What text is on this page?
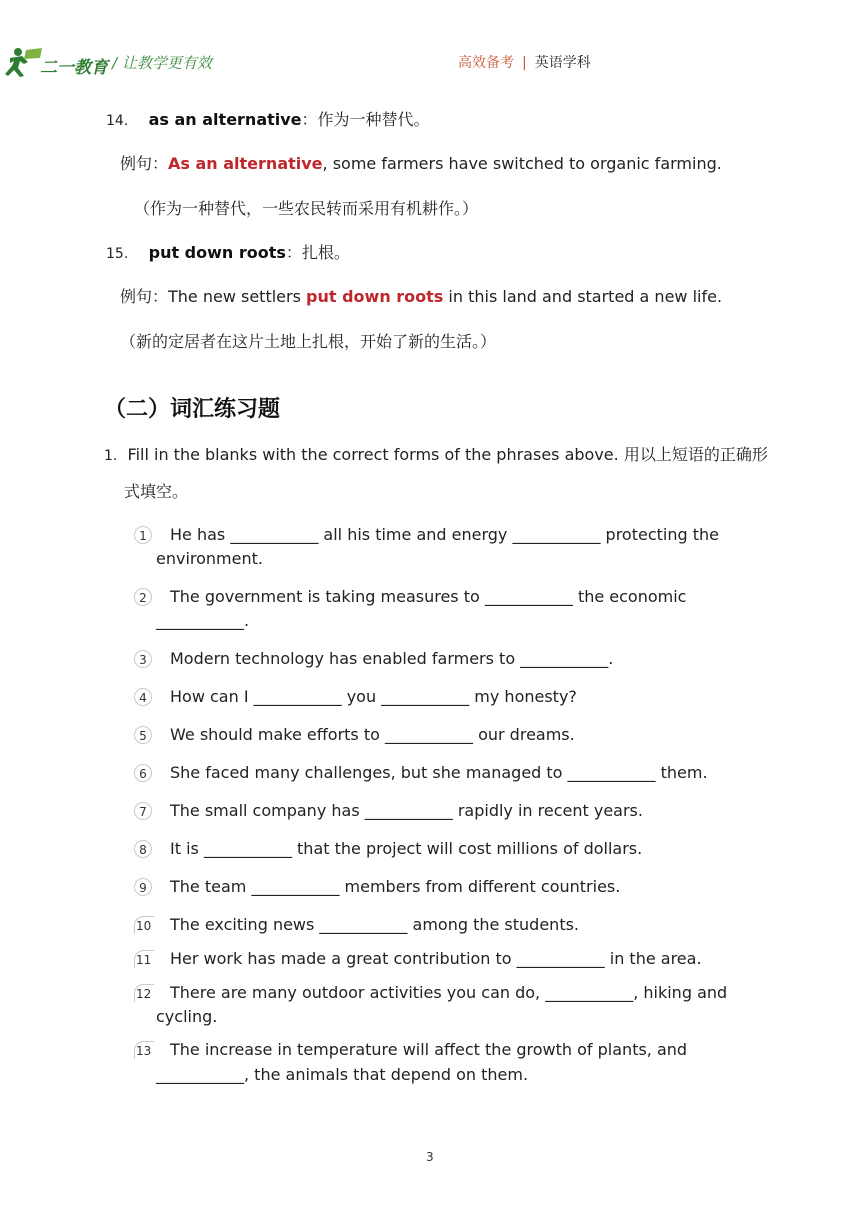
二一教育 / 让教学更有效	高效备考 | 英语学科
14. as an alternative：作为一种替代。
例句：As an alternative, some farmers have switched to organic farming.
（作为一种替代，一些农民转而采用有机耕作。）
15. put down roots：扎根。
例句：The new settlers put down roots in this land and started a new life.
（新的定居者在这片土地上扎根，开始了新的生活。）
（二）词汇练习题
1. Fill in the blanks with the correct forms of the phrases above. 用以上短语的正确形
式填空。
1	He has ___________ all his time and energy ___________ protecting the
environment.
2	The government is taking measures to ___________ the economic
___________.
3	Modern technology has enabled farmers to ___________.
4	How can I ___________ you ___________ my honesty?
5	We should make efforts to ___________ our dreams.
6	She faced many challenges, but she managed to ___________ them.
7	The small company has ___________ rapidly in recent years.
8	It is ___________ that the project will cost millions of dollars.
9	The team ___________ members from different countries.
10 The exciting news ___________ among the students.
11 Her work has made a great contribution to ___________ in the area.
12 There are many outdoor activities you can do, ___________, hiking and
cycling.
13 The increase in temperature will affect the growth of plants, and
___________, the animals that depend on them.
3
